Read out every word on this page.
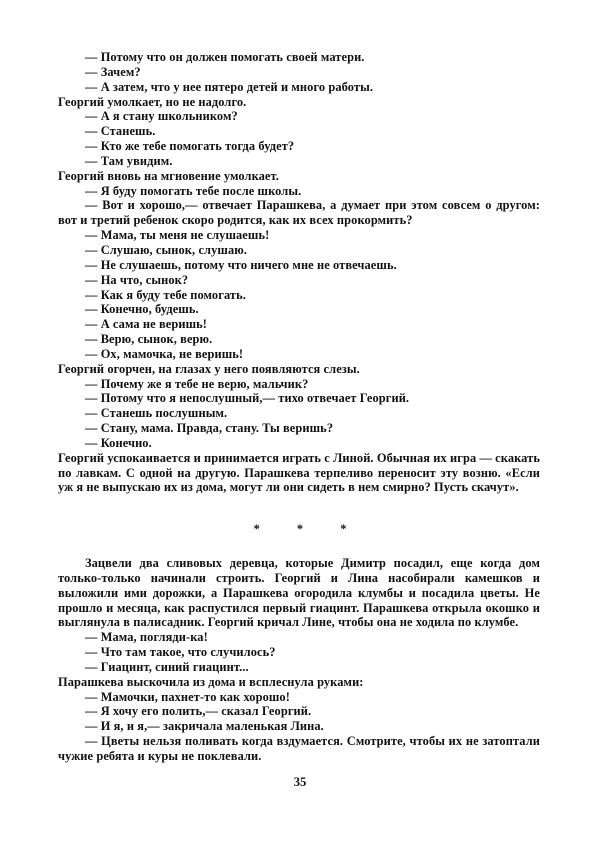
— Потому что он должен помогать своей матери.

— Зачем?

— А затем, что у нее пятеро детей и много работы.

Георгий умолкает, но не надолго.

— А я стану школьником?

— Станешь.

— Кто же тебе помогать тогда будет?

— Там увидим.

Георгий вновь на мгновение умолкает.

— Я буду помогать тебе после школы.

— Вот и хорошо,— отвечает Парашкева, а думает при этом совсем о другом: вот и третий ребенок скоро родится, как их всех прокормить?

— Мама, ты меня не слушаешь!

— Слушаю, сынок, слушаю.

— Не слушаешь, потому что ничего мне не отвечаешь.

— На что, сынок?

— Как я буду тебе помогать.

— Конечно, будешь.

— А сама не веришь!

— Верю, сынок, верю.

— Ох, мамочка, не веришь!

Георгий огорчен, на глазах у него появляются слезы.

— Почему же я тебе не верю, мальчик?

— Потому что я непослушный,— тихо отвечает Георгий.

— Станешь послушным.

— Стану, мама. Правда, стану. Ты веришь?

— Конечно.

Георгий успокаивается и принимается играть с Линой. Обычная их игра — скакать по лавкам. С одной на другую. Парашкева терпеливо переносит эту возню. «Если уж я не выпускаю их из дома, могут ли они сидеть в нем смирно? Пусть скачут».

* * *

Зацвели два сливовых деревца, которые Димитр посадил, еще когда дом только-только начинали строить. Георгий и Лина насобирали камешков и выложили ими дорожки, а Парашкева огородила клумбы и посадила цветы. Не прошло и месяца, как распустился первый гиацинт. Парашкева открыла окошко и выглянула в палисадник. Георгий кричал Лине, чтобы она не ходила по клумбе.

— Мама, погляди-ка!

— Что там такое, что случилось?

— Гиацинт, синий гиацинт...

Парашкева выскочила из дома и всплеснула руками:

— Мамочки, пахнет-то как хорошо!

— Я хочу его полить,— сказал Георгий.

— И я, и я,— закричала маленькая Лина.

— Цветы нельзя поливать когда вздумается. Смотрите, чтобы их не затоптали чужие ребята и куры не поклевали.

35
